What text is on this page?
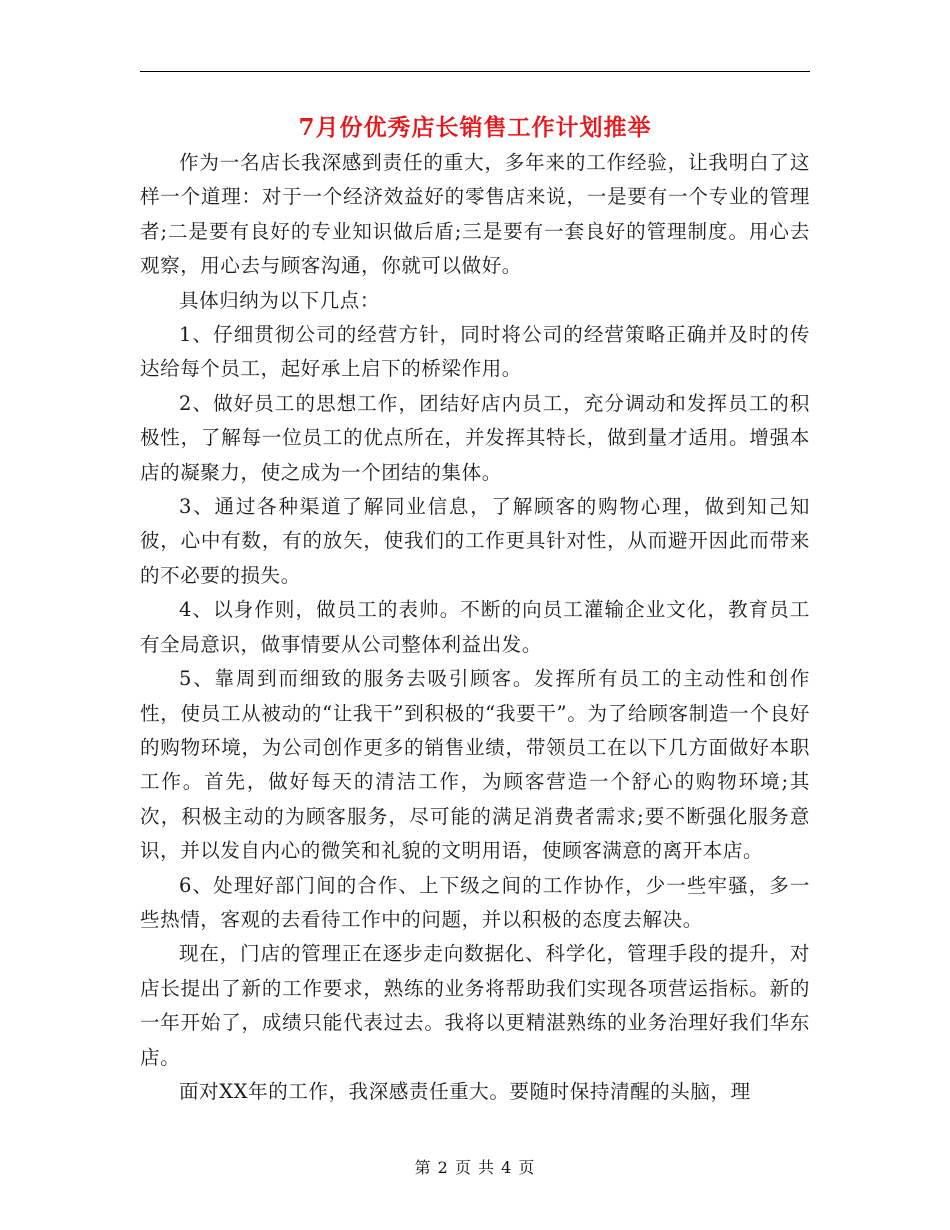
7月份优秀店长销售工作计划推举

作为一名店长我深感到责任的重大，多年来的工作经验，让我明白了这样一个道理：对于一个经济效益好的零售店来说，一是要有一个专业的管理者;二是要有良好的专业知识做后盾;三是要有一套良好的管理制度。用心去观察，用心去与顾客沟通，你就可以做好。

具体归纳为以下几点：

1、仔细贯彻公司的经营方针，同时将公司的经营策略正确并及时的传达给每个员工，起好承上启下的桥梁作用。

2、做好员工的思想工作，团结好店内员工，充分调动和发挥员工的积极性，了解每一位员工的优点所在，并发挥其特长，做到量才适用。增强本店的凝聚力，使之成为一个团结的集体。

3、通过各种渠道了解同业信息，了解顾客的购物心理，做到知己知彼，心中有数，有的放矢，使我们的工作更具针对性，从而避开因此而带来的不必要的损失。

4、以身作则，做员工的表帅。不断的向员工灌输企业文化，教育员工有全局意识，做事情要从公司整体利益出发。

5、靠周到而细致的服务去吸引顾客。发挥所有员工的主动性和创作性，使员工从被动的“让我干”到积极的“我要干”。为了给顾客制造一个良好的购物环境，为公司创作更多的销售业绩，带领员工在以下几方面做好本职工作。首先，做好每天的清洁工作，为顾客营造一个舒心的购物环境;其次，积极主动的为顾客服务，尽可能的满足消费者需求;要不断强化服务意识，并以发自内心的微笑和礼貌的文明用语，使顾客满意的离开本店。

6、处理好部门间的合作、上下级之间的工作协作，少一些牢骚，多一些热情，客观的去看待工作中的问题，并以积极的态度去解决。

现在，门店的管理正在逐步走向数据化、科学化，管理手段的提升，对店长提出了新的工作要求，熟练的业务将帮助我们实现各项营运指标。新的一年开始了，成绩只能代表过去。我将以更精湛熟练的业务治理好我们华东店。

面对XX年的工作，我深感责任重大。要随时保持清醒的头脑，理

第 2 页 共 4 页
